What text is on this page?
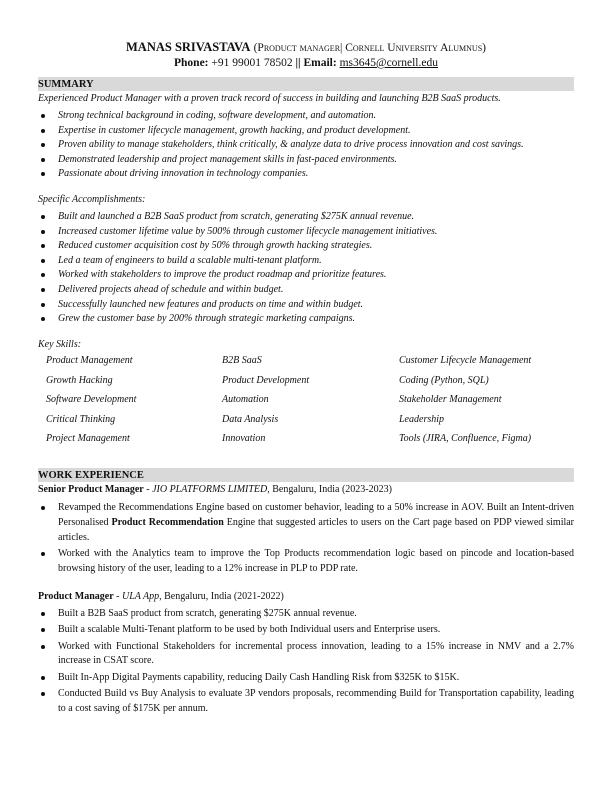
MANAS SRIVASTAVA (Product manager| Cornell University Alumnus)
Phone: +91 99001 78502 || Email: ms3645@cornell.edu
SUMMARY
Experienced Product Manager with a proven track record of success in building and launching B2B SaaS products.
Strong technical background in coding, software development, and automation.
Expertise in customer lifecycle management, growth hacking, and product development.
Proven ability to manage stakeholders, think critically, & analyze data to drive process innovation and cost savings.
Demonstrated leadership and project management skills in fast-paced environments.
Passionate about driving innovation in technology companies.
Specific Accomplishments:
Built and launched a B2B SaaS product from scratch, generating $275K annual revenue.
Increased customer lifetime value by 500% through customer lifecycle management initiatives.
Reduced customer acquisition cost by 50% through growth hacking strategies.
Led a team of engineers to build a scalable multi-tenant platform.
Worked with stakeholders to improve the product roadmap and prioritize features.
Delivered projects ahead of schedule and within budget.
Successfully launched new features and products on time and within budget.
Grew the customer base by 200% through strategic marketing campaigns.
Key Skills:
Product Management	B2B SaaS	Customer Lifecycle Management
Growth Hacking	Product Development	Coding (Python, SQL)
Software Development	Automation	Stakeholder Management
Critical Thinking	Data Analysis	Leadership
Project Management	Innovation	Tools (JIRA, Confluence, Figma)
WORK EXPERIENCE
Senior Product Manager - JIO PLATFORMS LIMITED, Bengaluru, India (2023-2023)
Revamped the Recommendations Engine based on customer behavior, leading to a 50% increase in AOV. Built an Intent-driven Personalised Product Recommendation Engine that suggested articles to users on the Cart page based on PDP viewed similar articles.
Worked with the Analytics team to improve the Top Products recommendation logic based on pincode and location-based browsing history of the user, leading to a 12% increase in PLP to PDP rate.
Product Manager - ULA App, Bengaluru, India (2021-2022)
Built a B2B SaaS product from scratch, generating $275K annual revenue.
Built a scalable Multi-Tenant platform to be used by both Individual users and Enterprise users.
Worked with Functional Stakeholders for incremental process innovation, leading to a 15% increase in NMV and a 2.7% increase in CSAT score.
Built In-App Digital Payments capability, reducing Daily Cash Handling Risk from $325K to $15K.
Conducted Build vs Buy Analysis to evaluate 3P vendors proposals, recommending Build for Transportation capability, leading to a cost saving of $175K per annum.
